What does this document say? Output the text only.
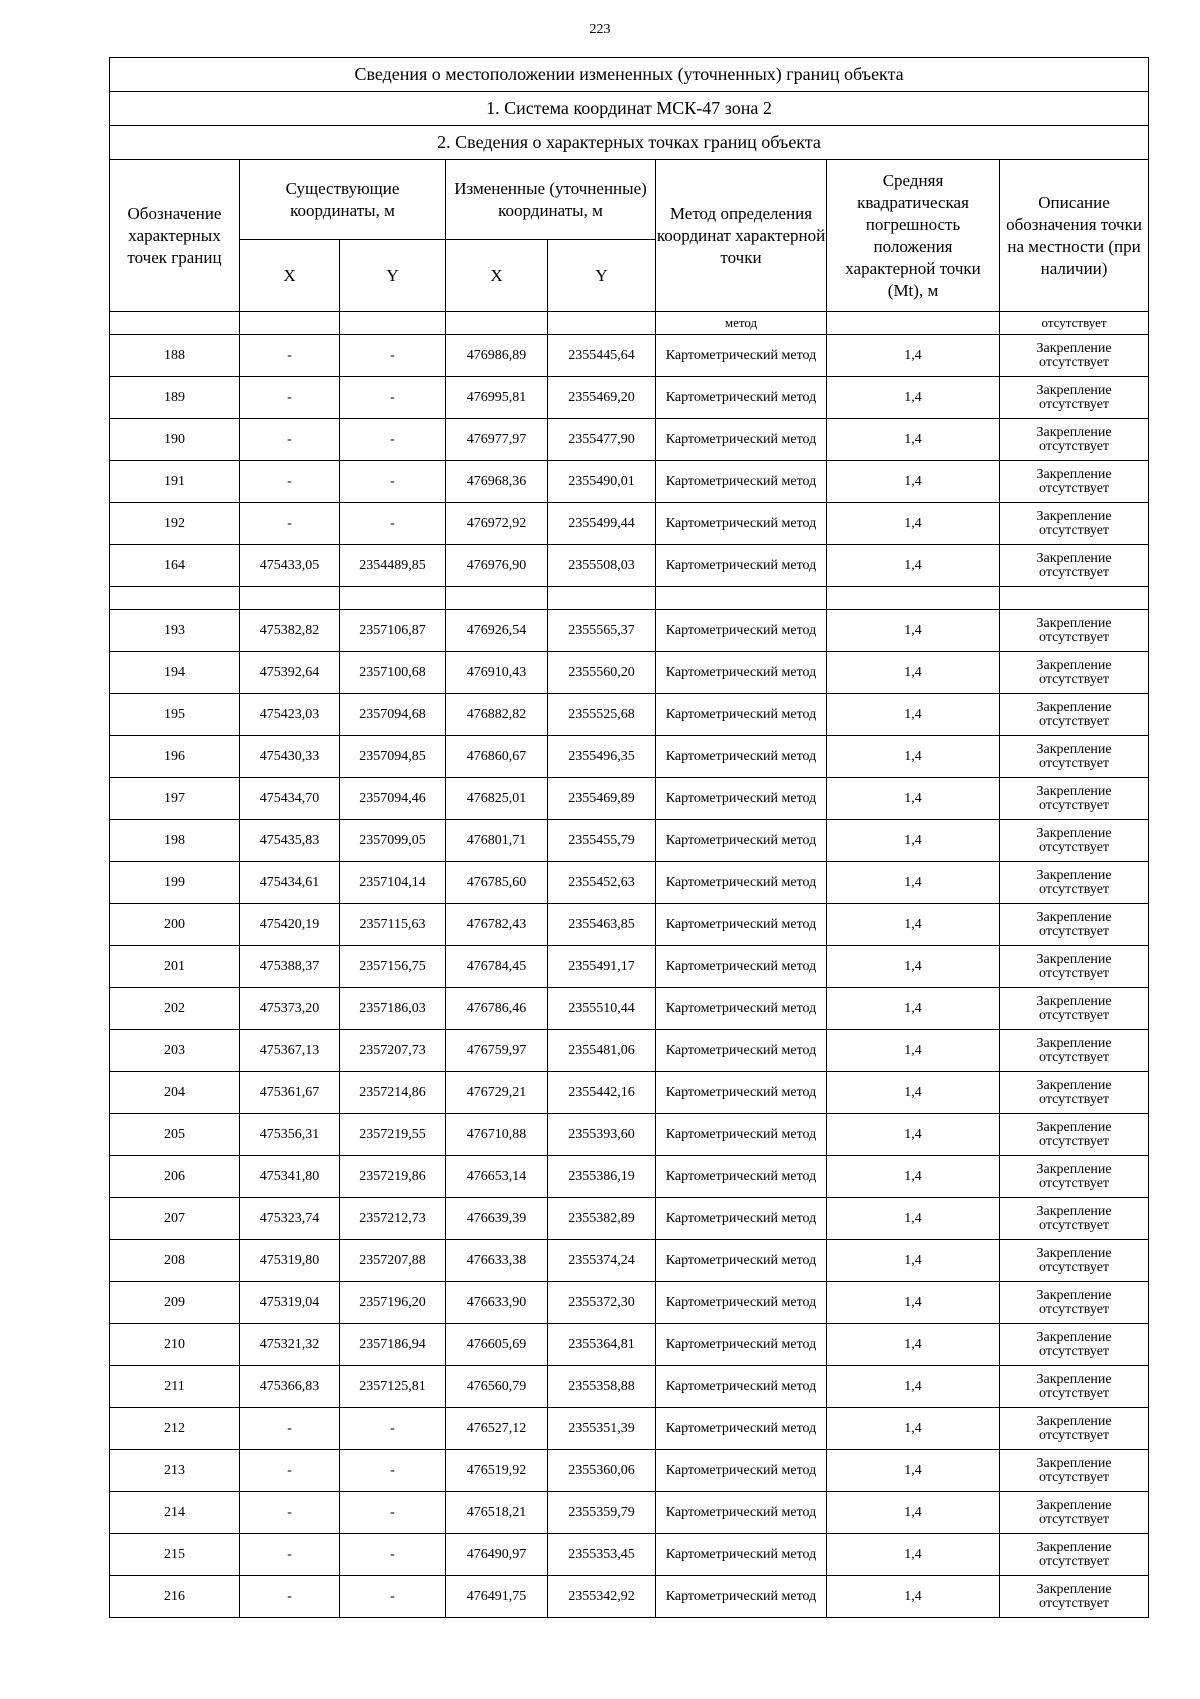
223
Сведения о местоположении измененных (уточненных) границ объекта							
1. Система координат МСК-47 зона 2							
2. Сведения о характерных точках границ объекта							
Обозначение характерных точек границ	Существующие координаты, м		Измененные (уточненные) координаты, м		Метод определения координат характерной точки	Средняя квадратическая погрешность положения характерной точки (Mt), м	Описание обозначения точки на местности (при наличии)
	X	Y	X	Y			
					метод		отсутствует
188	-	-	476986,89	2355445,64	Картометрический метод	1,4	Закрепление отсутствует
189	-	-	476995,81	2355469,20	Картометрический метод	1,4	Закрепление отсутствует
190	-	-	476977,97	2355477,90	Картометрический метод	1,4	Закрепление отсутствует
191	-	-	476968,36	2355490,01	Картометрический метод	1,4	Закрепление отсутствует
192	-	-	476972,92	2355499,44	Картометрический метод	1,4	Закрепление отсутствует
164	475433,05	2354489,85	476976,90	2355508,03	Картометрический метод	1,4	Закрепление отсутствует

193	475382,82	2357106,87	476926,54	2355565,37	Картометрический метод	1,4	Закрепление отсутствует
194	475392,64	2357100,68	476910,43	2355560,20	Картометрический метод	1,4	Закрепление отсутствует
195	475423,03	2357094,68	476882,82	2355525,68	Картометрический метод	1,4	Закрепление отсутствует
196	475430,33	2357094,85	476860,67	2355496,35	Картометрический метод	1,4	Закрепление отсутствует
197	475434,70	2357094,46	476825,01	2355469,89	Картометрический метод	1,4	Закрепление отсутствует
198	475435,83	2357099,05	476801,71	2355455,79	Картометрический метод	1,4	Закрепление отсутствует
199	475434,61	2357104,14	476785,60	2355452,63	Картометрический метод	1,4	Закрепление отсутствует
200	475420,19	2357115,63	476782,43	2355463,85	Картометрический метод	1,4	Закрепление отсутствует
201	475388,37	2357156,75	476784,45	2355491,17	Картометрический метод	1,4	Закрепление отсутствует
202	475373,20	2357186,03	476786,46	2355510,44	Картометрический метод	1,4	Закрепление отсутствует
203	475367,13	2357207,73	476759,97	2355481,06	Картометрический метод	1,4	Закрепление отсутствует
204	475361,67	2357214,86	476729,21	2355442,16	Картометрический метод	1,4	Закрепление отсутствует
205	475356,31	2357219,55	476710,88	2355393,60	Картометрический метод	1,4	Закрепление отсутствует
206	475341,80	2357219,86	476653,14	2355386,19	Картометрический метод	1,4	Закрепление отсутствует
207	475323,74	2357212,73	476639,39	2355382,89	Картометрический метод	1,4	Закрепление отсутствует
208	475319,80	2357207,88	476633,38	2355374,24	Картометрический метод	1,4	Закрепление отсутствует
209	475319,04	2357196,20	476633,90	2355372,30	Картометрический метод	1,4	Закрепление отсутствует
210	475321,32	2357186,94	476605,69	2355364,81	Картометрический метод	1,4	Закрепление отсутствует
211	475366,83	2357125,81	476560,79	2355358,88	Картометрический метод	1,4	Закрепление отсутствует
212	-	-	476527,12	2355351,39	Картометрический метод	1,4	Закрепление отсутствует
213	-	-	476519,92	2355360,06	Картометрический метод	1,4	Закрепление отсутствует
214	-	-	476518,21	2355359,79	Картометрический метод	1,4	Закрепление отсутствует
215	-	-	476490,97	2355353,45	Картометрический метод	1,4	Закрепление отсутствует
216	-	-	476491,75	2355342,92	Картометрический метод	1,4	Закрепление отсутствует
